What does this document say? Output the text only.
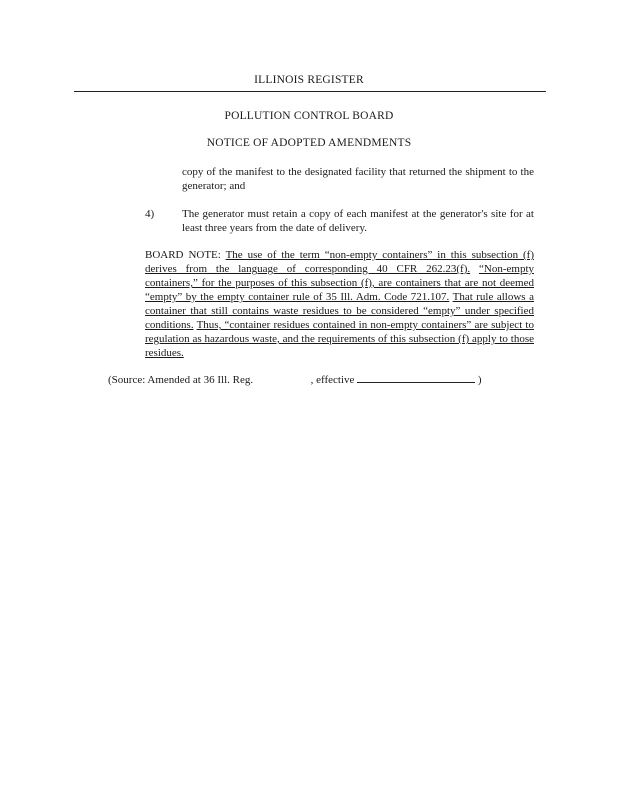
ILLINOIS REGISTER
POLLUTION CONTROL BOARD
NOTICE OF ADOPTED AMENDMENTS
copy of the manifest to the designated facility that returned the shipment to the generator; and
4)	The generator must retain a copy of each manifest at the generator's site for at least three years from the date of delivery.
BOARD NOTE: The use of the term “non-empty containers” in this subsection (f) derives from the language of corresponding 40 CFR 262.23(f). “Non-empty containers,” for the purposes of this subsection (f), are containers that are not deemed “empty” by the empty container rule of 35 Ill. Adm. Code 721.107. That rule allows a container that still contains waste residues to be considered “empty” under specified conditions. Thus, “container residues contained in non-empty containers” are subject to regulation as hazardous waste, and the requirements of this subsection (f) apply to those residues.
(Source: Amended at 36 Ill. Reg.	, effective	)
